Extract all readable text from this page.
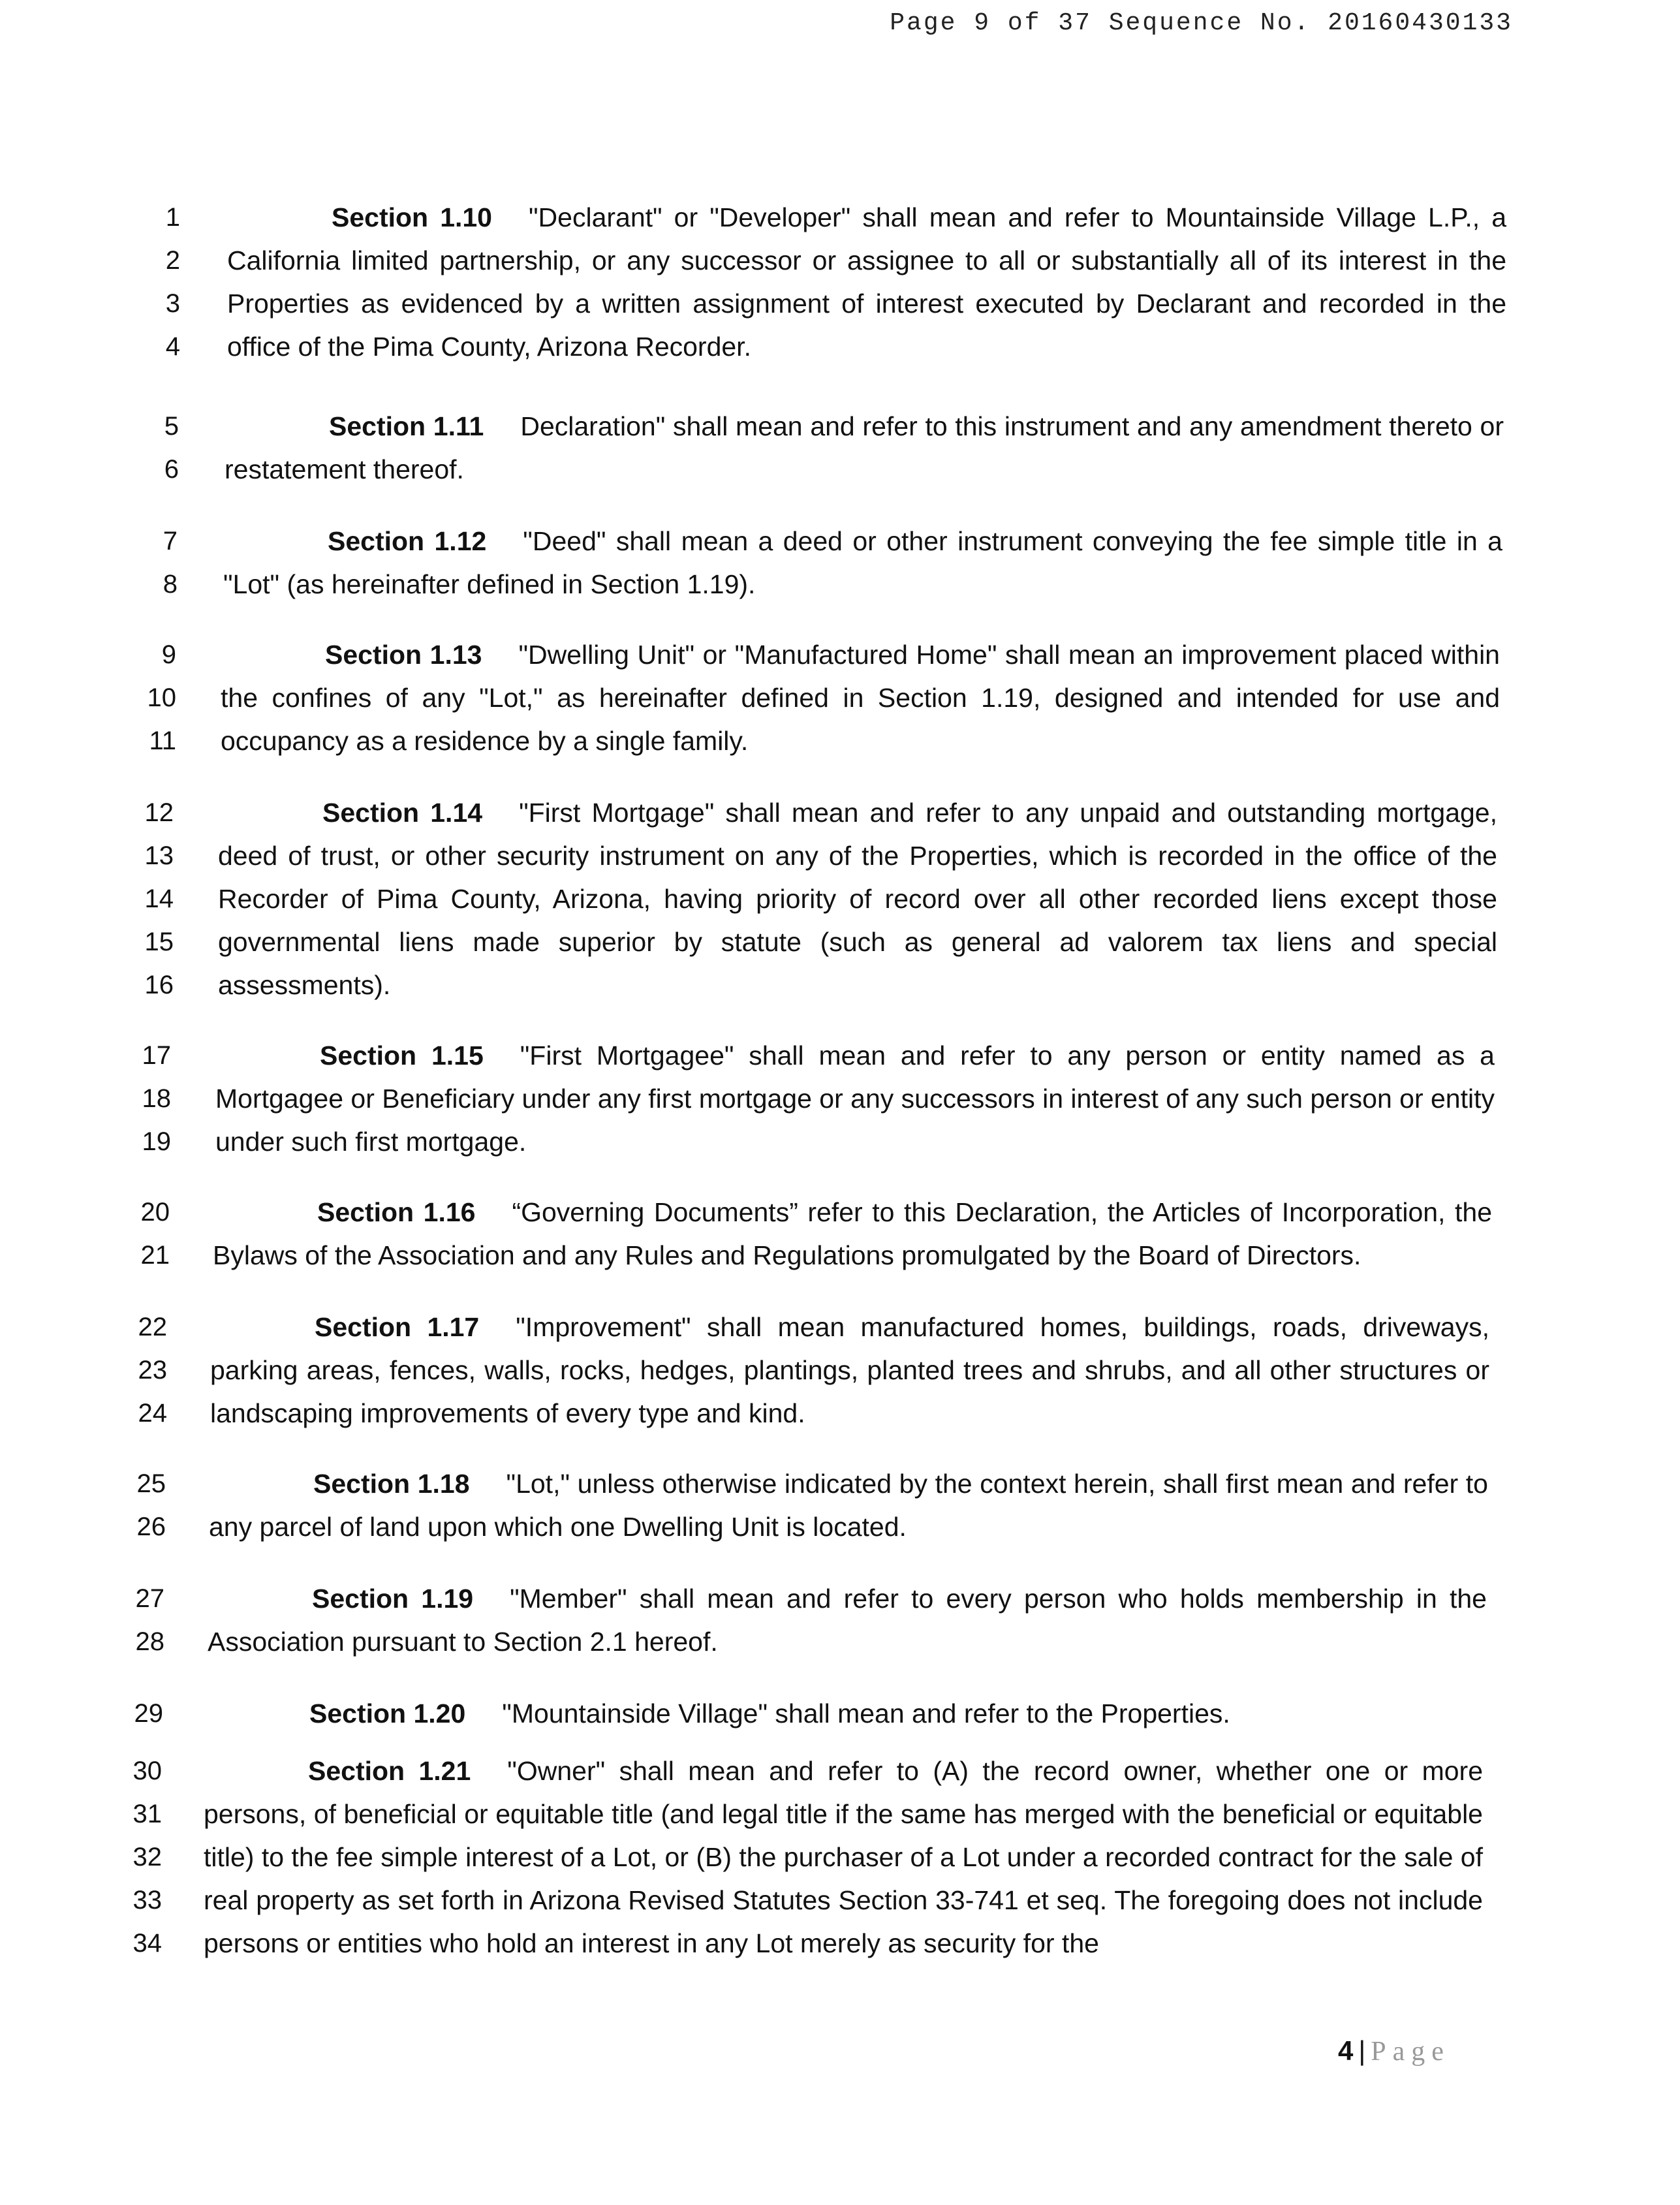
Page 9 of 37 Sequence No. 20160430133
1
2
3
4
Section 1.10 "Declarant" or "Developer" shall mean and refer to Mountainside Village L.P., a California limited partnership, or any successor or assignee to all or substantially all of its interest in the Properties as evidenced by a written assignment of interest executed by Declarant and recorded in the office of the Pima County, Arizona Recorder.
5
6
Section 1.11 Declaration" shall mean and refer to this instrument and any amendment thereto or restatement thereof.
7
8
Section 1.12 "Deed" shall mean a deed or other instrument conveying the fee simple title in a "Lot" (as hereinafter defined in Section 1.19).
9
10
11
Section 1.13 "Dwelling Unit" or "Manufactured Home" shall mean an improvement placed within the confines of any "Lot," as hereinafter defined in Section 1.19, designed and intended for use and occupancy as a residence by a single family.
12
13
14
15
16
Section 1.14 "First Mortgage" shall mean and refer to any unpaid and outstanding mortgage, deed of trust, or other security instrument on any of the Properties, which is recorded in the office of the Recorder of Pima County, Arizona, having priority of record over all other recorded liens except those governmental liens made superior by statute (such as general ad valorem tax liens and special assessments).
17
18
19
Section 1.15 "First Mortgagee" shall mean and refer to any person or entity named as a Mortgagee or Beneficiary under any first mortgage or any successors in interest of any such person or entity under such first mortgage.
20
21
Section 1.16 “Governing Documents” refer to this Declaration, the Articles of Incorporation, the Bylaws of the Association and any Rules and Regulations promulgated by the Board of Directors.
22
23
24
Section 1.17 "Improvement" shall mean manufactured homes, buildings, roads, driveways, parking areas, fences, walls, rocks, hedges, plantings, planted trees and shrubs, and all other structures or landscaping improvements of every type and kind.
25
26
Section 1.18 "Lot," unless otherwise indicated by the context herein, shall first mean and refer to any parcel of land upon which one Dwelling Unit is located.
27
28
Section 1.19 "Member" shall mean and refer to every person who holds membership in the Association pursuant to Section 2.1 hereof.
29	Section 1.20 "Mountainside Village" shall mean and refer to the Properties.
30
31
32
33
34
Section 1.21 "Owner" shall mean and refer to (A) the record owner, whether one or more persons, of beneficial or equitable title (and legal title if the same has merged with the beneficial or equitable title) to the fee simple interest of a Lot, or (B) the purchaser of a Lot under a recorded contract for the sale of real property as set forth in Arizona Revised Statutes Section 33-741 et seq. The foregoing does not include persons or entities who hold an interest in any Lot merely as security for the
4 | Page
